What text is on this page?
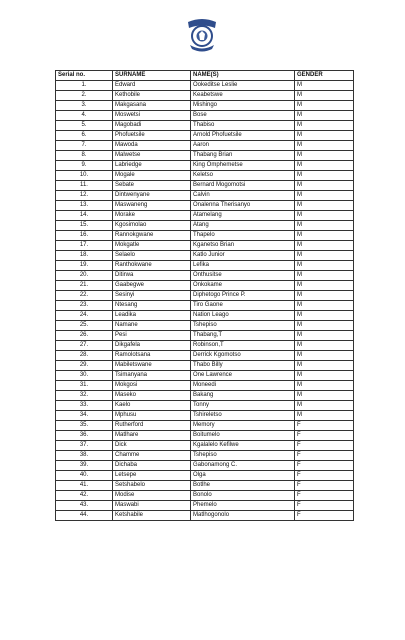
Serial no.	SURNAME	NAME(S)	GENDER
1.	Edward	Ookeditse Leslie	M
2.	Kethobile	Keabetswe	M
3.	Makgasana	Mishingo	M
4.	Moswetsi	Bose	M
5.	Magobadi	Thabiso	M
6.	Phofuetsile	Arnold Phofuetsile	M
7.	Mawoda	Aaron	M
8.	Malwetse	Thabang Brian	M
9.	Labriedge	King Omphemetse	M
10.	Mogale	Keletso	M
11.	Sebate	Bernard Mogomotsi	M
12.	Dintwenyane	Calvin	M
13.	Maswaneng	Onalenna Therisanyo	M
14.	Morake	Atamelang	M
15.	Kgosimolao	Atang	M
16.	Rannokgwane	Thapelo	M
17.	Mokgatle	Kganetso Brian	M
18.	Selaelo	Katlo Junior	M
19.	Ranthokwane	Lefika	M
20.	Ditirwa	Onthusitse	M
21.	Gaabegwe	Onkokame	M
22.	Sesinyi	Diphetogo Prince P.	M
23.	Ntesang	Tiro Gaone	M
24.	Leadika	Nation Leago	M
25.	Namane	Tshepiso	M
26.	Pesi	Thabang,T	M
27.	Dikgafela	Robinson,T	M
28.	Ramolotsana	Derrick Kgomotso	M
29.	Mabiletswane	Thabo Billy	M
30.	Tsimanyana	One Lawrence	M
31.	Mokgosi	Moneedi	M
32.	Maseko	Bakang	M
33.	Kaelo	Tonny	M
34.	Mphusu	Tshireletso	M
35.	Rutherford	Memory	F
36.	Matlhare	Boitumelo	F
37.	Dick	Kgalalelo Kefilwe	F
38.	Chamme	Tshepiso	F
39.	Dichaba	Gabonamong C.	F
40.	Letsepe	Olga	F
41.	Setshabelo	Botlhe	F
42.	Modise	Bonolo	F
43.	Maswabi	Phemelo	F
44.	Ketshabile	Matlhogonolo	F
